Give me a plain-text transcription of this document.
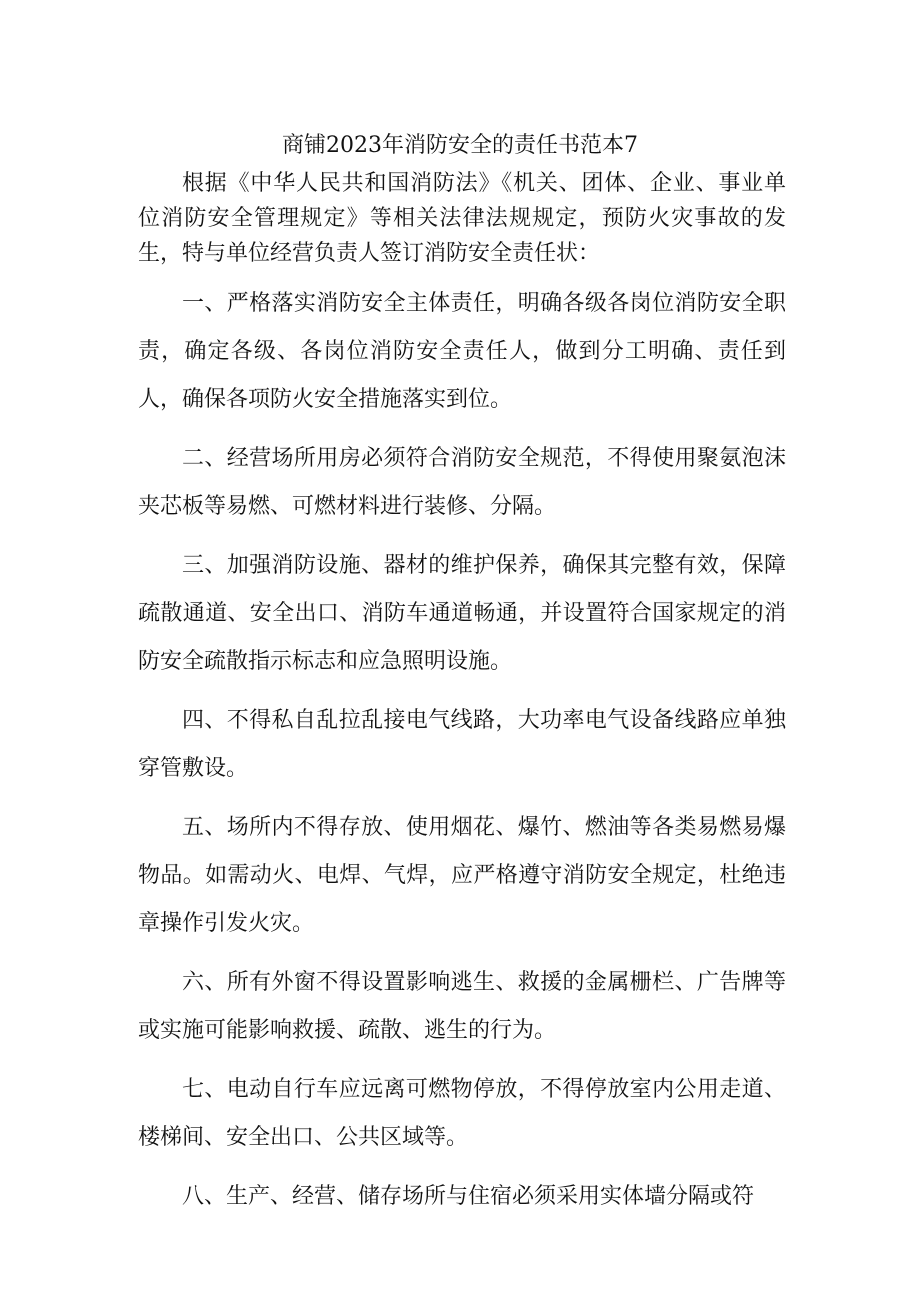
商铺2023年消防安全的责任书范本7

根据《中华人民共和国消防法》《机关、团体、企业、事业单位消防安全管理规定》等相关法律法规规定，预防火灾事故的发生，特与单位经营负责人签订消防安全责任状：

一、严格落实消防安全主体责任，明确各级各岗位消防安全职责，确定各级、各岗位消防安全责任人，做到分工明确、责任到人，确保各项防火安全措施落实到位。

二、经营场所用房必须符合消防安全规范，不得使用聚氨泡沫夹芯板等易燃、可燃材料进行装修、分隔。

三、加强消防设施、器材的维护保养，确保其完整有效，保障疏散通道、安全出口、消防车通道畅通，并设置符合国家规定的消防安全疏散指示标志和应急照明设施。

四、不得私自乱拉乱接电气线路，大功率电气设备线路应单独穿管敷设。

五、场所内不得存放、使用烟花、爆竹、燃油等各类易燃易爆物品。如需动火、电焊、气焊，应严格遵守消防安全规定，杜绝违章操作引发火灾。

六、所有外窗不得设置影响逃生、救援的金属栅栏、广告牌等或实施可能影响救援、疏散、逃生的行为。

七、电动自行车应远离可燃物停放，不得停放室内公用走道、楼梯间、安全出口、公共区域等。

八、生产、经营、储存场所与住宿必须采用实体墙分隔或符
